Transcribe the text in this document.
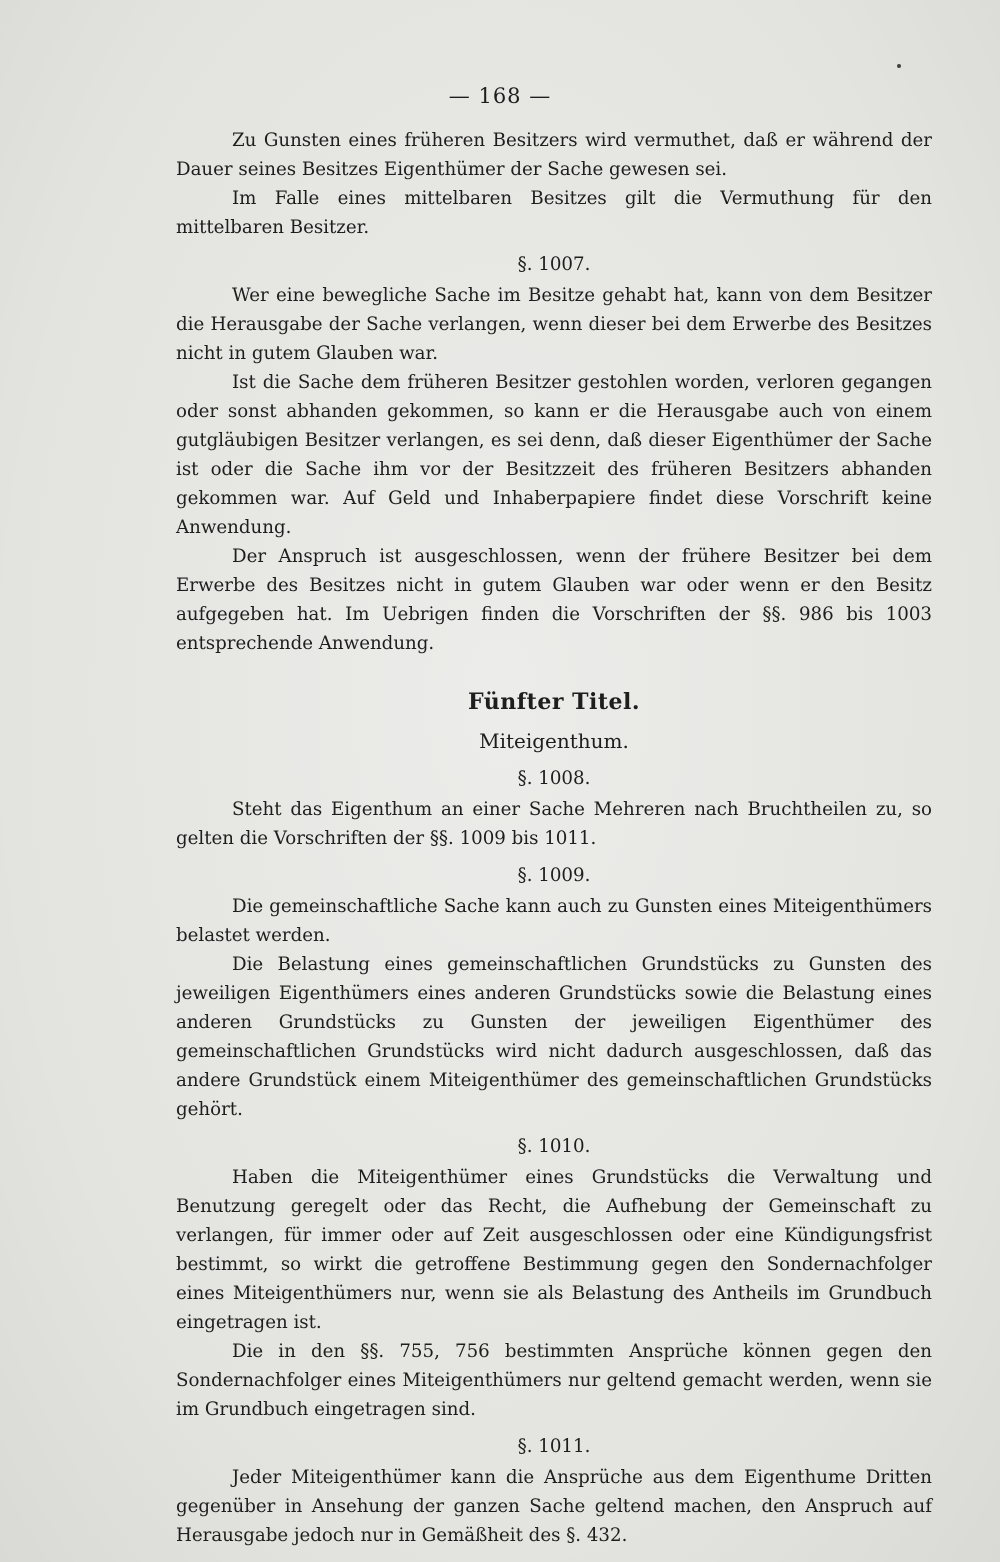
— 168 —

Zu Gunsten eines früheren Besitzers wird vermuthet, daß er während der Dauer seines Besitzes Eigenthümer der Sache gewesen sei.

Im Falle eines mittelbaren Besitzes gilt die Vermuthung für den mittelbaren Besitzer.

§. 1007.

Wer eine bewegliche Sache im Besitze gehabt hat, kann von dem Besitzer die Herausgabe der Sache verlangen, wenn dieser bei dem Erwerbe des Besitzes nicht in gutem Glauben war.

Ist die Sache dem früheren Besitzer gestohlen worden, verloren gegangen oder sonst abhanden gekommen, so kann er die Herausgabe auch von einem gutgläubigen Besitzer verlangen, es sei denn, daß dieser Eigenthümer der Sache ist oder die Sache ihm vor der Besitzzeit des früheren Besitzers abhanden gekommen war. Auf Geld und Inhaberpapiere findet diese Vorschrift keine Anwendung.

Der Anspruch ist ausgeschlossen, wenn der frühere Besitzer bei dem Erwerbe des Besitzes nicht in gutem Glauben war oder wenn er den Besitz aufgegeben hat. Im Uebrigen finden die Vorschriften der §§. 986 bis 1003 entsprechende Anwendung.

Fünfter Titel.
Miteigenthum.

§. 1008.

Steht das Eigenthum an einer Sache Mehreren nach Bruchtheilen zu, so gelten die Vorschriften der §§. 1009 bis 1011.

§. 1009.

Die gemeinschaftliche Sache kann auch zu Gunsten eines Miteigenthümers belastet werden.

Die Belastung eines gemeinschaftlichen Grundstücks zu Gunsten des jeweiligen Eigenthümers eines anderen Grundstücks sowie die Belastung eines anderen Grundstücks zu Gunsten der jeweiligen Eigenthümer des gemeinschaftlichen Grundstücks wird nicht dadurch ausgeschlossen, daß das andere Grundstück einem Miteigenthümer des gemeinschaftlichen Grundstücks gehört.

§. 1010.

Haben die Miteigenthümer eines Grundstücks die Verwaltung und Benutzung geregelt oder das Recht, die Aufhebung der Gemeinschaft zu verlangen, für immer oder auf Zeit ausgeschlossen oder eine Kündigungsfrist bestimmt, so wirkt die getroffene Bestimmung gegen den Sondernachfolger eines Miteigenthümers nur, wenn sie als Belastung des Antheils im Grundbuch eingetragen ist.

Die in den §§. 755, 756 bestimmten Ansprüche können gegen den Sondernachfolger eines Miteigenthümers nur geltend gemacht werden, wenn sie im Grundbuch eingetragen sind.

§. 1011.

Jeder Miteigenthümer kann die Ansprüche aus dem Eigenthume Dritten gegenüber in Ansehung der ganzen Sache geltend machen, den Anspruch auf Herausgabe jedoch nur in Gemäßheit des §. 432.
